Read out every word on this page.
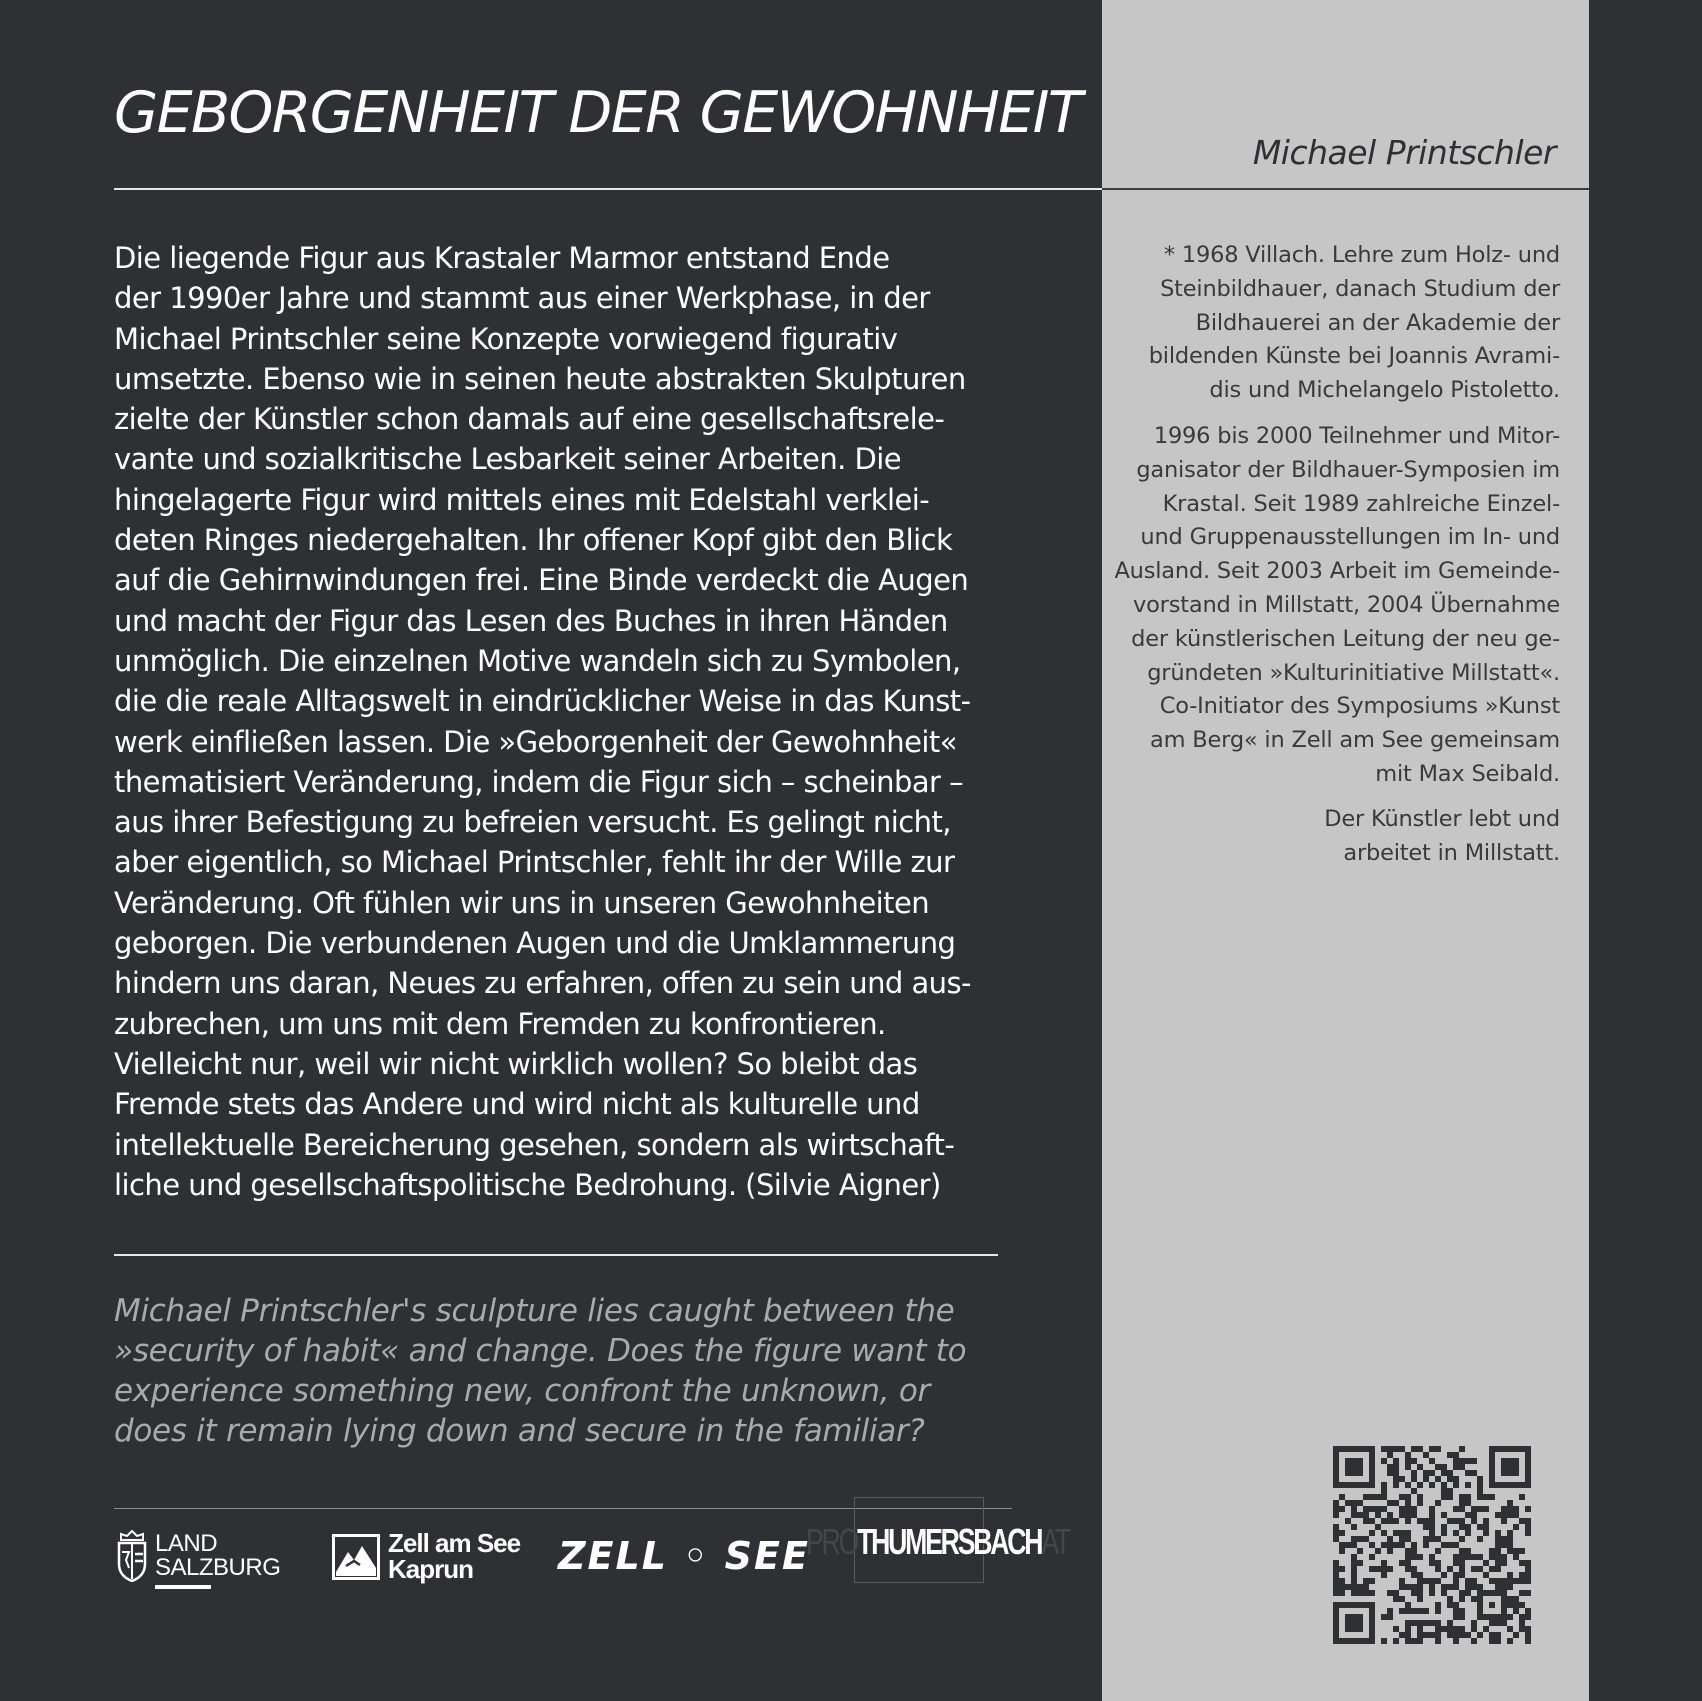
GEBORGENHEIT DER GEWOHNHEIT
Michael Printschler

Die liegende Figur aus Krastaler Marmor entstand Ende
der 1990er Jahre und stammt aus einer Werkphase, in der
Michael Printschler seine Konzepte vorwiegend figurativ
umsetzte. Ebenso wie in seinen heute abstrakten Skulpturen
zielte der Künstler schon damals auf eine gesellschaftsrele-
vante und sozialkritische Lesbarkeit seiner Arbeiten. Die
hingelagerte Figur wird mittels eines mit Edelstahl verklei-
deten Ringes niedergehalten. Ihr offener Kopf gibt den Blick
auf die Gehirnwindungen frei. Eine Binde verdeckt die Augen
und macht der Figur das Lesen des Buches in ihren Händen
unmöglich. Die einzelnen Motive wandeln sich zu Symbolen,
die die reale Alltagswelt in eindrücklicher Weise in das Kunst-
werk einfließen lassen. Die »Geborgenheit der Gewohnheit«
thematisiert Veränderung, indem die Figur sich – scheinbar –
aus ihrer Befestigung zu befreien versucht. Es gelingt nicht,
aber eigentlich, so Michael Printschler, fehlt ihr der Wille zur
Veränderung. Oft fühlen wir uns in unseren Gewohnheiten
geborgen. Die verbundenen Augen und die Umklammerung
hindern uns daran, Neues zu erfahren, offen zu sein und aus-
zubrechen, um uns mit dem Fremden zu konfrontieren.
Vielleicht nur, weil wir nicht wirklich wollen? So bleibt das
Fremde stets das Andere und wird nicht als kulturelle und
intellektuelle Bereicherung gesehen, sondern als wirtschaft-
liche und gesellschaftspolitische Bedrohung. (Silvie Aigner)

Michael Printschler's sculpture lies caught between the
»security of habit« and change. Does the figure want to
experience something new, confront the unknown, or
does it remain lying down and secure in the familiar?

* 1968 Villach. Lehre zum Holz- und
Steinbildhauer, danach Studium der
Bildhauerei an der Akademie der
bildenden Künste bei Joannis Avrami-
dis und Michelangelo Pistoletto.

1996 bis 2000 Teilnehmer und Mitor-
ganisator der Bildhauer-Symposien im
Krastal. Seit 1989 zahlreiche Einzel-
und Gruppenausstellungen im In- und
Ausland. Seit 2003 Arbeit im Gemeinde-
vorstand in Millstatt, 2004 Übernahme
der künstlerischen Leitung der neu ge-
gründeten »Kulturinitiative Millstatt«.
Co-Initiator des Symposiums »Kunst
am Berg« in Zell am See gemeinsam
mit Max Seibald.

Der Künstler lebt und
arbeitet in Millstatt.

LAND
SALZBURG
Zell am See
Kaprun ZELL ◦ SEE
PROTHUMERSBACHAT
